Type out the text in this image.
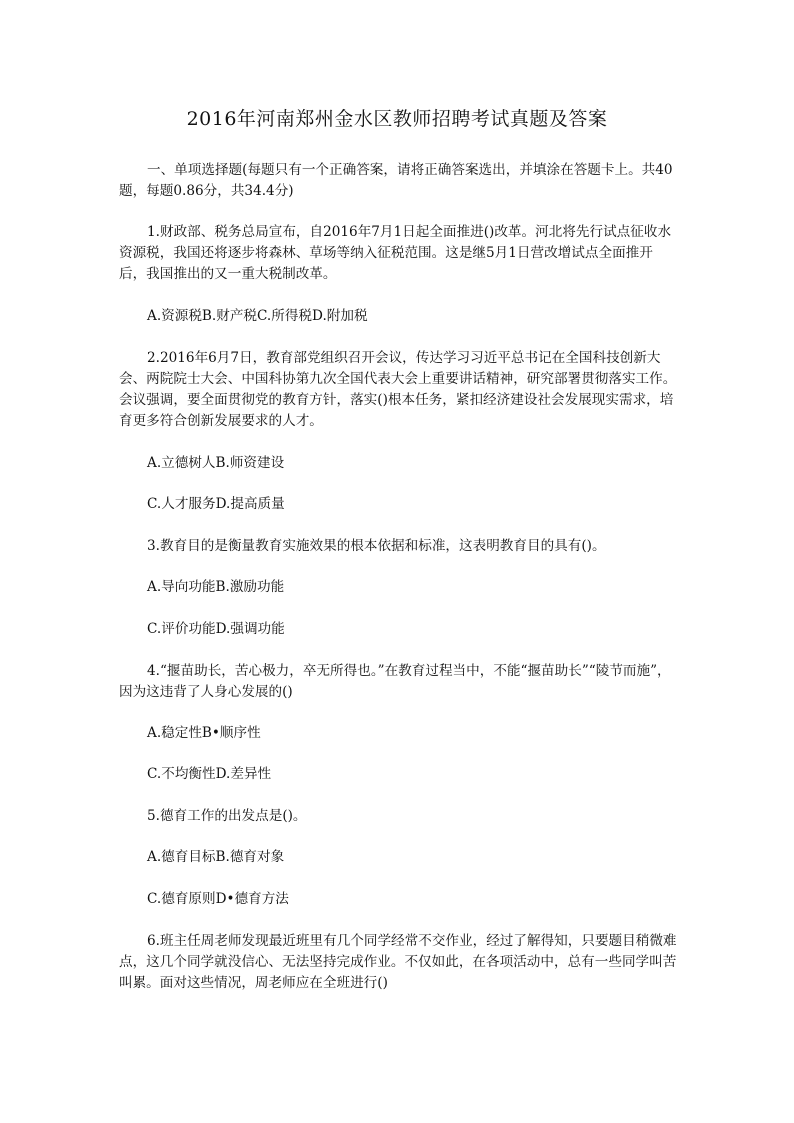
2016年河南郑州金水区教师招聘考试真题及答案

一、单项选择题(每题只有一个正确答案，请将正确答案选出，并填涂在答题卡上。共40题，每题0.86分，共34.4分)

1.财政部、税务总局宣布，自2016年7月1日起全面推进()改革。河北将先行试点征收水资源税，我国还将逐步将森林、草场等纳入征税范围。这是继5月1日营改增试点全面推开后，我国推出的又一重大税制改革。

A.资源税B.财产税C.所得税D.附加税

2.2016年6月7日，教育部党组织召开会议，传达学习习近平总书记在全国科技创新大会、两院院士大会、中国科协第九次全国代表大会上重要讲话精神，研究部署贯彻落实工作。会议强调，要全面贯彻党的教育方针，落实()根本任务，紧扣经济建设社会发展现实需求，培育更多符合创新发展要求的人才。

A.立德树人B.师资建设

C.人才服务D.提高质量

3.教育目的是衡量教育实施效果的根本依据和标准，这表明教育目的具有()。

A.导向功能B.激励功能

C.评价功能D.强调功能

4.“揠苗助长，苦心极力，卒无所得也。”在教育过程当中，不能“揠苗助长”“陵节而施”，因为这违背了人身心发展的()

A.稳定性B•顺序性

C.不均衡性D.差异性

5.德育工作的出发点是()。

A.德育目标B.德育对象

C.德育原则D•德育方法

6.班主任周老师发现最近班里有几个同学经常不交作业，经过了解得知，只要题目稍微难点，这几个同学就没信心、无法坚持完成作业。不仅如此，在各项活动中，总有一些同学叫苦叫累。面对这些情况，周老师应在全班进行()
